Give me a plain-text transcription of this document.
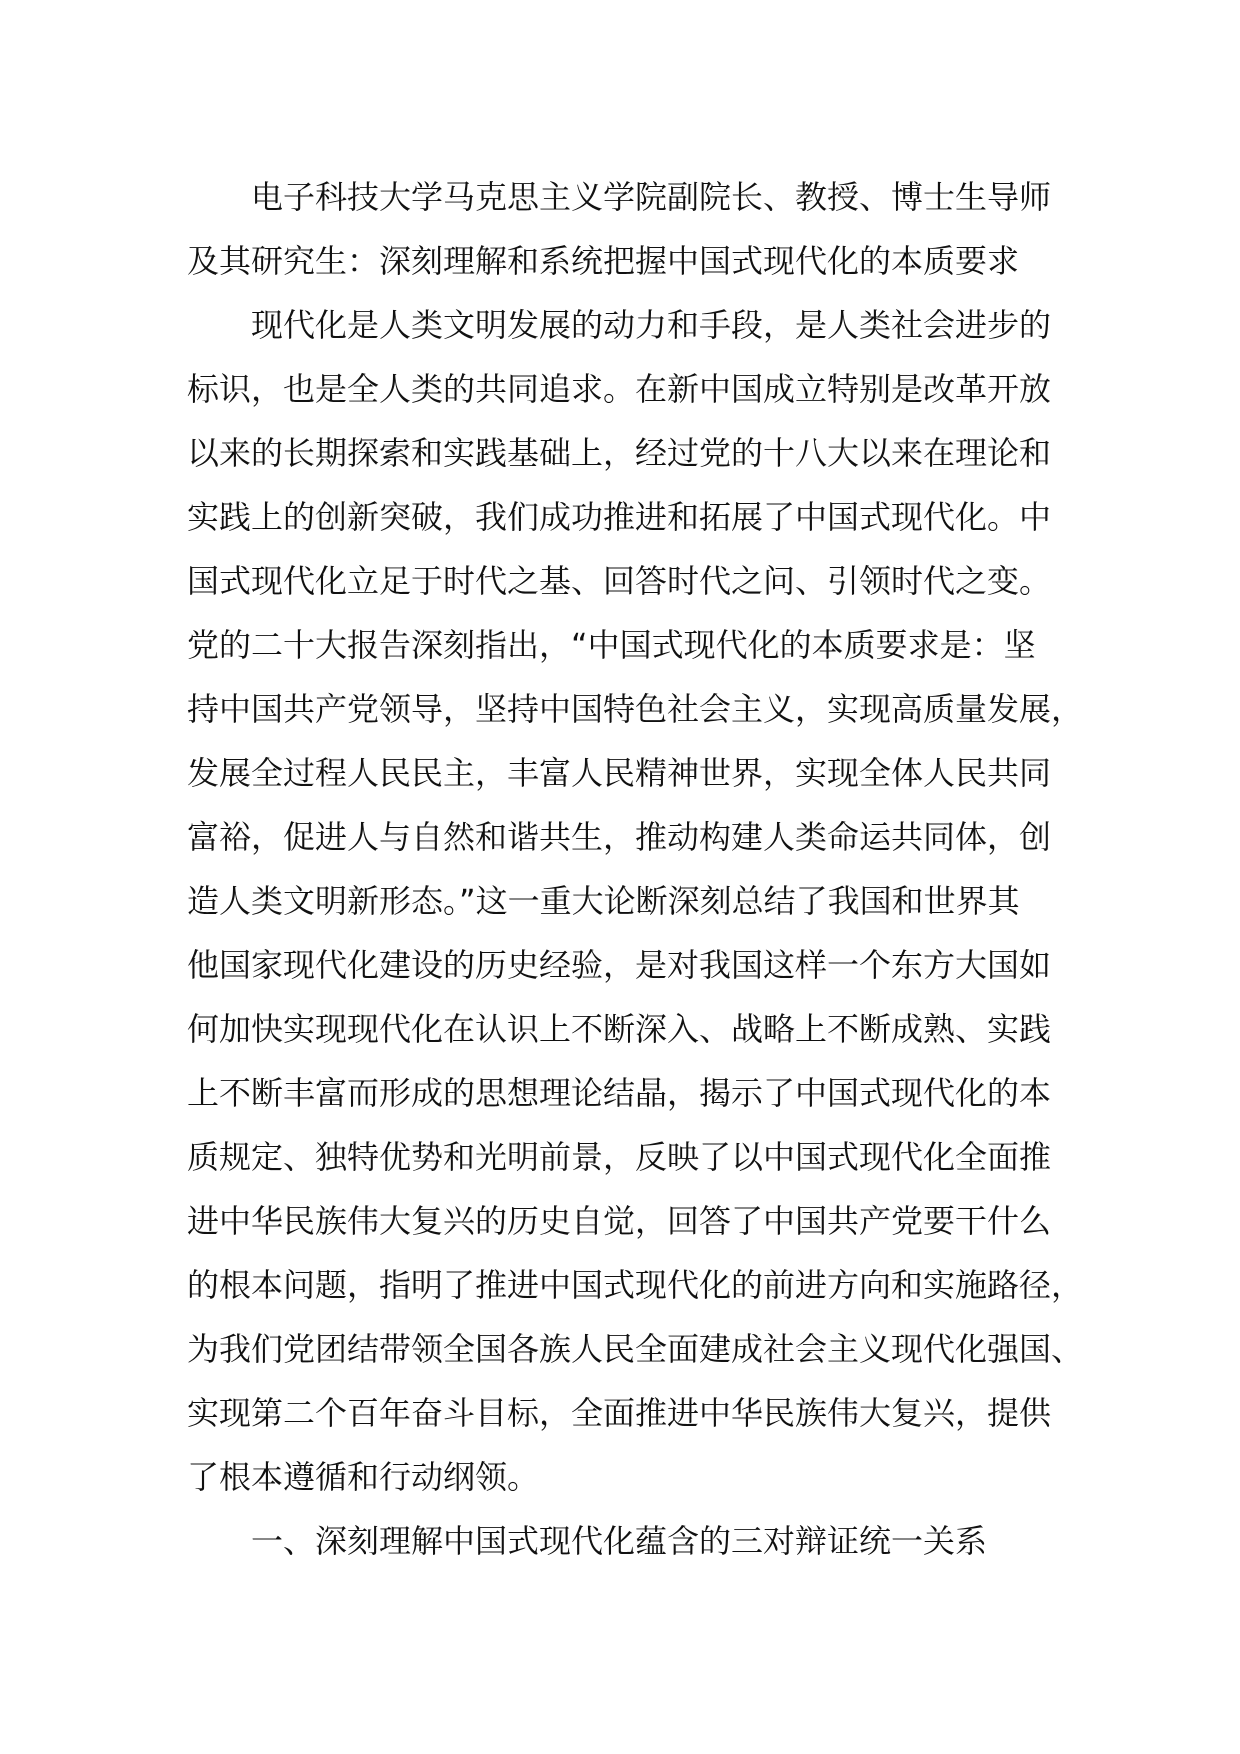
电子科技大学马克思主义学院副院长、教授、博士生导师
及其研究生：深刻理解和系统把握中国式现代化的本质要求

现代化是人类文明发展的动力和手段，是人类社会进步的
标识，也是全人类的共同追求。在新中国成立特别是改革开放
以来的长期探索和实践基础上，经过党的十八大以来在理论和
实践上的创新突破，我们成功推进和拓展了中国式现代化。中
国式现代化立足于时代之基、回答时代之问、引领时代之变。
党的二十大报告深刻指出，“中国式现代化的本质要求是：坚
持中国共产党领导，坚持中国特色社会主义，实现高质量发展，
发展全过程人民民主，丰富人民精神世界，实现全体人民共同
富裕，促进人与自然和谐共生，推动构建人类命运共同体，创
造人类文明新形态。”这一重大论断深刻总结了我国和世界其
他国家现代化建设的历史经验，是对我国这样一个东方大国如
何加快实现现代化在认识上不断深入、战略上不断成熟、实践
上不断丰富而形成的思想理论结晶，揭示了中国式现代化的本
质规定、独特优势和光明前景，反映了以中国式现代化全面推
进中华民族伟大复兴的历史自觉，回答了中国共产党要干什么
的根本问题，指明了推进中国式现代化的前进方向和实施路径，
为我们党团结带领全国各族人民全面建成社会主义现代化强国、
实现第二个百年奋斗目标，全面推进中华民族伟大复兴，提供
了根本遵循和行动纲领。

一、深刻理解中国式现代化蕴含的三对辩证统一关系
